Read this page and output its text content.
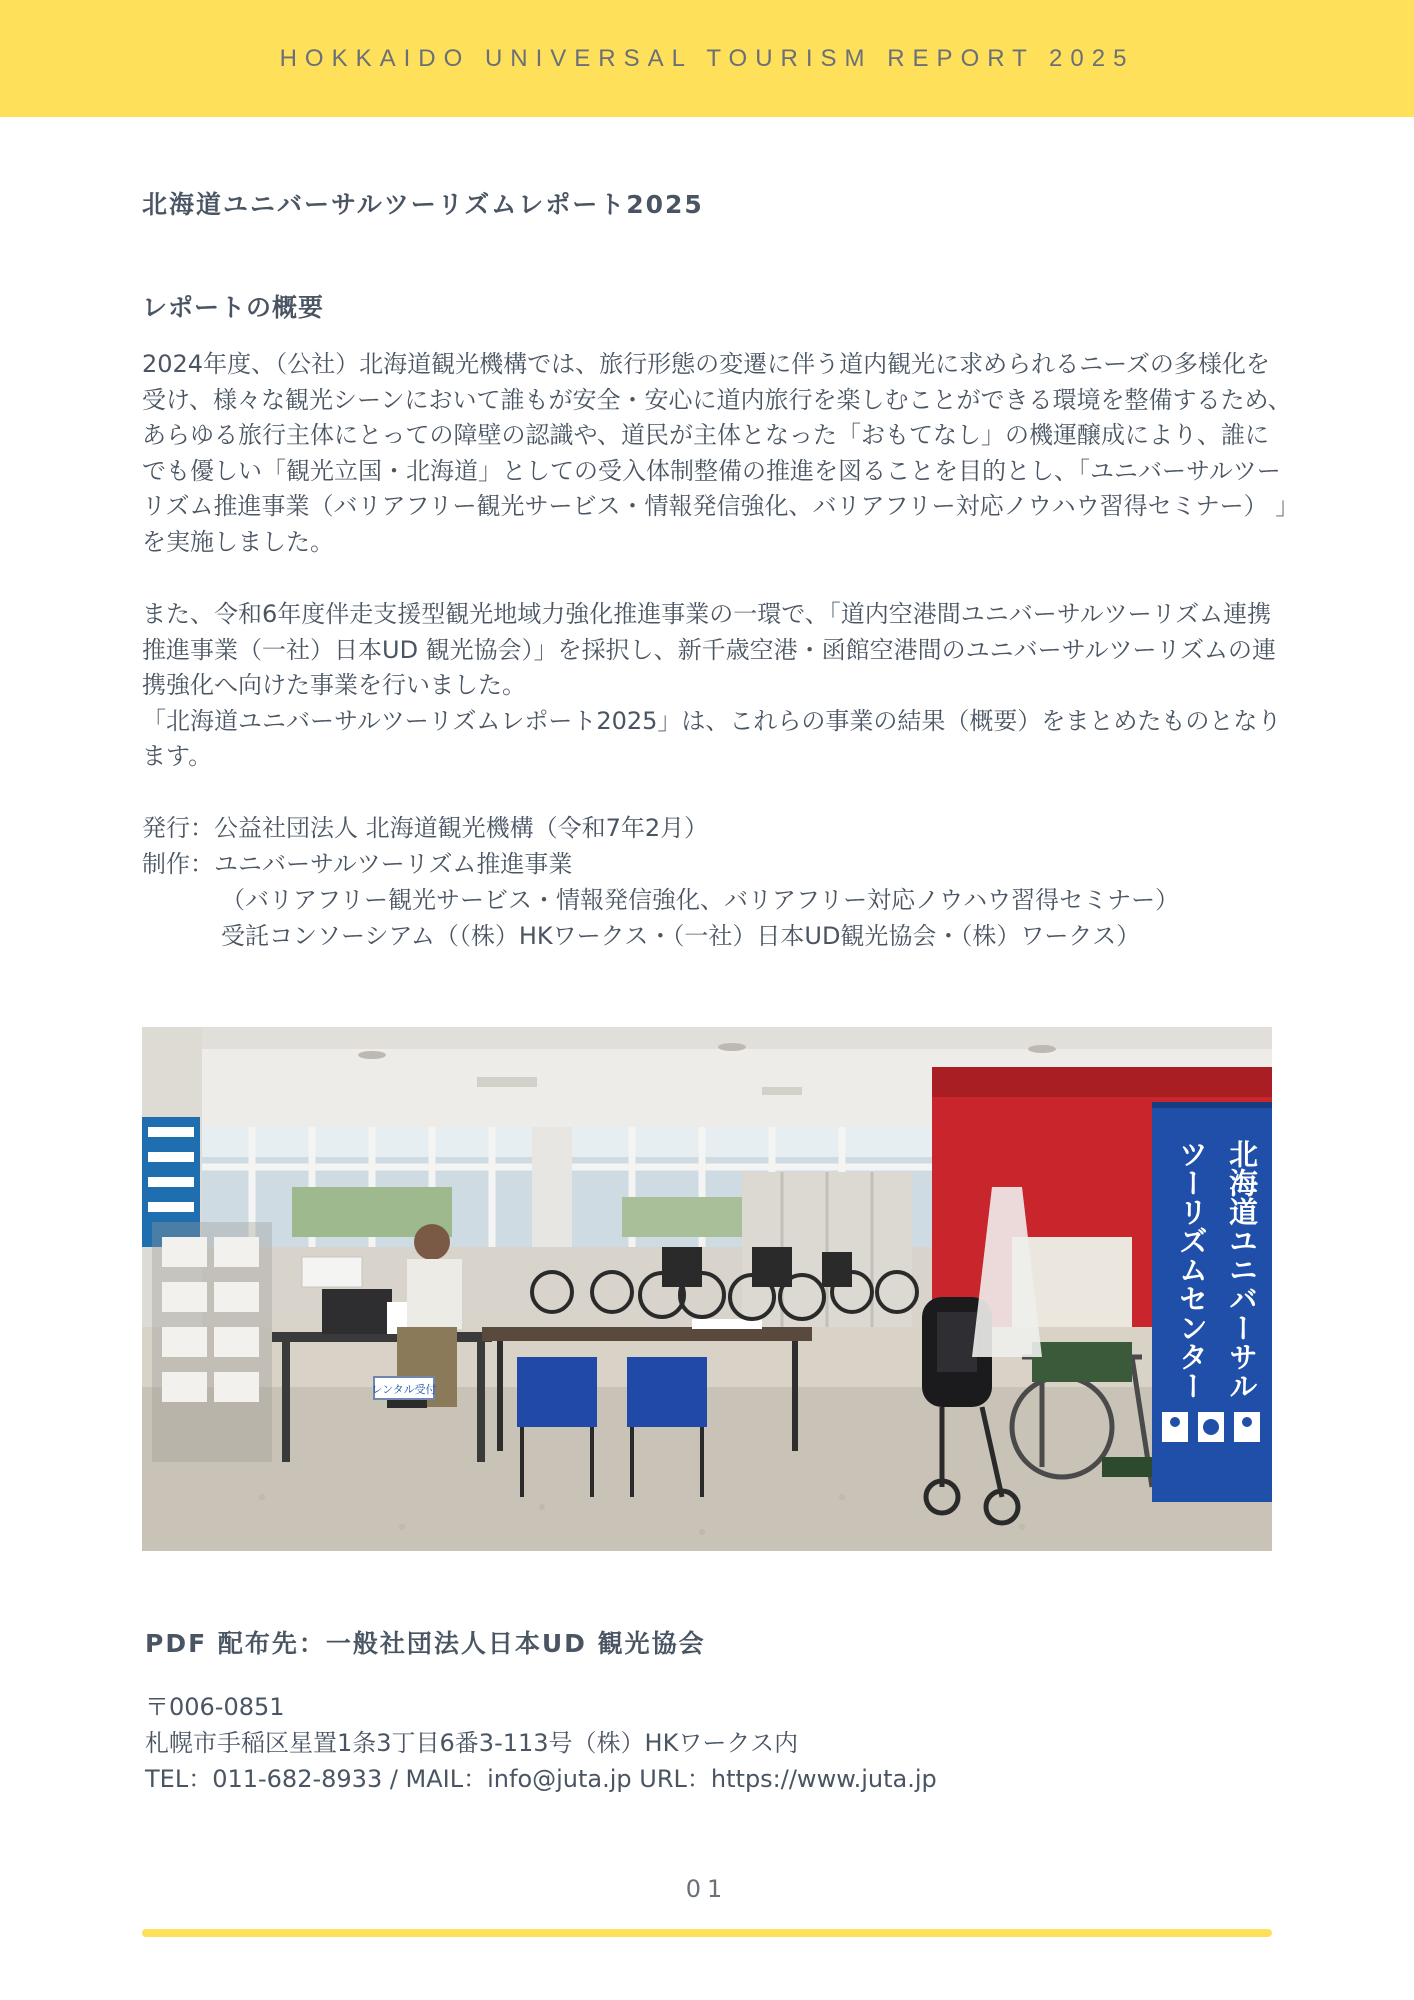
HOKKAIDO UNIVERSAL TOURISM REPORT 2025
北海道ユニバーサルツーリズムレポート2025
レポートの概要

2024年度、（公社）北海道観光機構では、旅行形態の変遷に伴う道内観光に求められるニーズの多様化を受け、様々な観光シーンにおいて誰もが安全・安心に道内旅行を楽しむことができる環境を整備するため、あらゆる旅行主体にとっての障壁の認識や、道民が主体となった「おもてなし」の機運醸成により、誰にでも優しい「観光立国・北海道」としての受入体制整備の推進を図ることを目的とし、「ユニバーサルツーリズム推進事業（バリアフリー観光サービス・情報発信強化、バリアフリー対応ノウハウ習得セミナー） 」を実施しました。

また、令和6年度伴走支援型観光地域力強化推進事業の一環で、「道内空港間ユニバーサルツーリズム連携推進事業（一社）日本UD 観光協会）」を採択し、新千歳空港・函館空港間のユニバーサルツーリズムの連携強化へ向けた事業を行いました。

「北海道ユニバーサルツーリズムレポート2025」は、これらの事業の結果（概要）をまとめたものとなります。

発行：公益社団法人 北海道観光機構（令和7年2月）
制作：ユニバーサルツーリズム推進事業
（バリアフリー観光サービス・情報発信強化、バリアフリー対応ノウハウ習得セミナー）
受託コンソーシアム（（株）HKワークス・（一社）日本UD観光協会・（株）ワークス）
レンタル受付	北海道ユニバーサル
ツーリズムセンター
PDF 配布先：一般社団法人日本UD 観光協会
〒006-0851
札幌市手稲区星置1条3丁目6番3-113号（株）HKワークス内
TEL：011-682-8933 / MAIL：info@juta.jp URL：https://www.juta.jp
01
